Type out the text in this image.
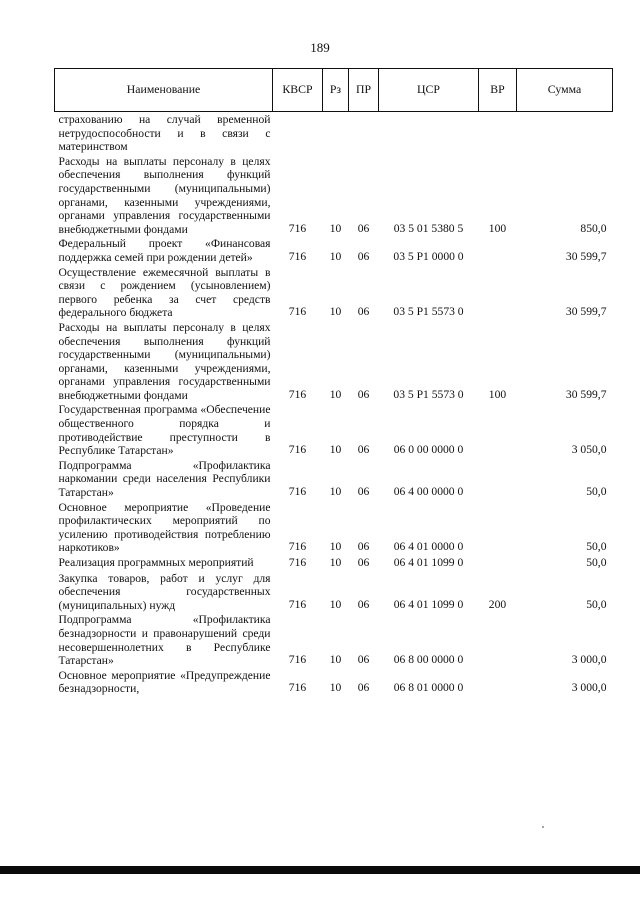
189
Наименование	КВСР	Рз	ПР	ЦСР	ВР	Сумма
страхованию на случай временной нетрудоспособности и в связи с материнством						
Расходы на выплаты персоналу в целях обеспечения выполнения функций государственными (муниципальными) органами, казенными учреждениями, органами управления государственными внебюджетными фондами	716	10	06	03 5 01 5380 5	100	850,0
Федеральный проект «Финансовая поддержка семей при рождении детей»	716	10	06	03 5 P1 0000 0		30 599,7
Осуществление ежемесячной выплаты в связи с рождением (усыновлением) первого ребенка за счет средств федерального бюджета	716	10	06	03 5 P1 5573 0		30 599,7
Расходы на выплаты персоналу в целях обеспечения выполнения функций государственными (муниципальными) органами, казенными учреждениями, органами управления государственными внебюджетными фондами	716	10	06	03 5 P1 5573 0	100	30 599,7
Государственная программа «Обеспечение общественного порядка и противодействие преступности в Республике Татарстан»	716	10	06	06 0 00 0000 0		3 050,0
Подпрограмма «Профилактика наркомании среди населения Республики Татарстан»	716	10	06	06 4 00 0000 0		50,0
Основное мероприятие «Проведение профилактических мероприятий по усилению противодействия потреблению наркотиков»	716	10	06	06 4 01 0000 0		50,0
Реализация программных мероприятий	716	10	06	06 4 01 1099 0		50,0
Закупка товаров, работ и услуг для обеспечения государственных (муниципальных) нужд	716	10	06	06 4 01 1099 0	200	50,0
Подпрограмма «Профилактика безнадзорности и правонарушений среди несовершеннолетних в Республике Татарстан»	716	10	06	06 8 00 0000 0		3 000,0
Основное мероприятие «Предупреждение безнадзорности,	716	10	06	06 8 01 0000 0		3 000,0
